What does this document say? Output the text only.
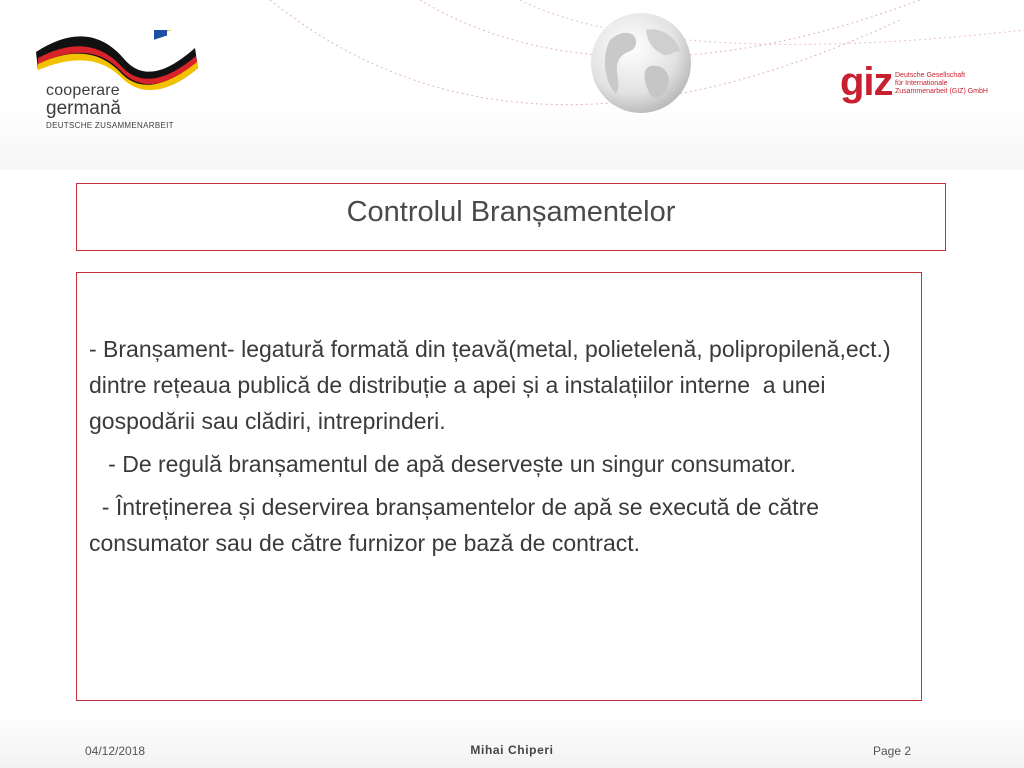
cooperare
germană
DEUTSCHE ZUSAMMENARBEIT
giz Deutsche Gesellschaft
für Internationale
Zusammenarbeit (GIZ) GmbH
Controlul Branșamentelor

- Branșament- legatură formată din țeavă(metal, polietelenă, polipropilenă,ect.) dintre rețeaua publică de distribuție a apei și a instalațiilor interne  a unei gospodării sau clădiri, intreprinderi.

- De regulă branșamentul de apă deservește un singur consumator.

- Întreținerea și deservirea branșamentelor de apă se execută de către consumator sau de către furnizor pe bază de contract.

04/12/2018	Mihai Chiperi	Page 2
